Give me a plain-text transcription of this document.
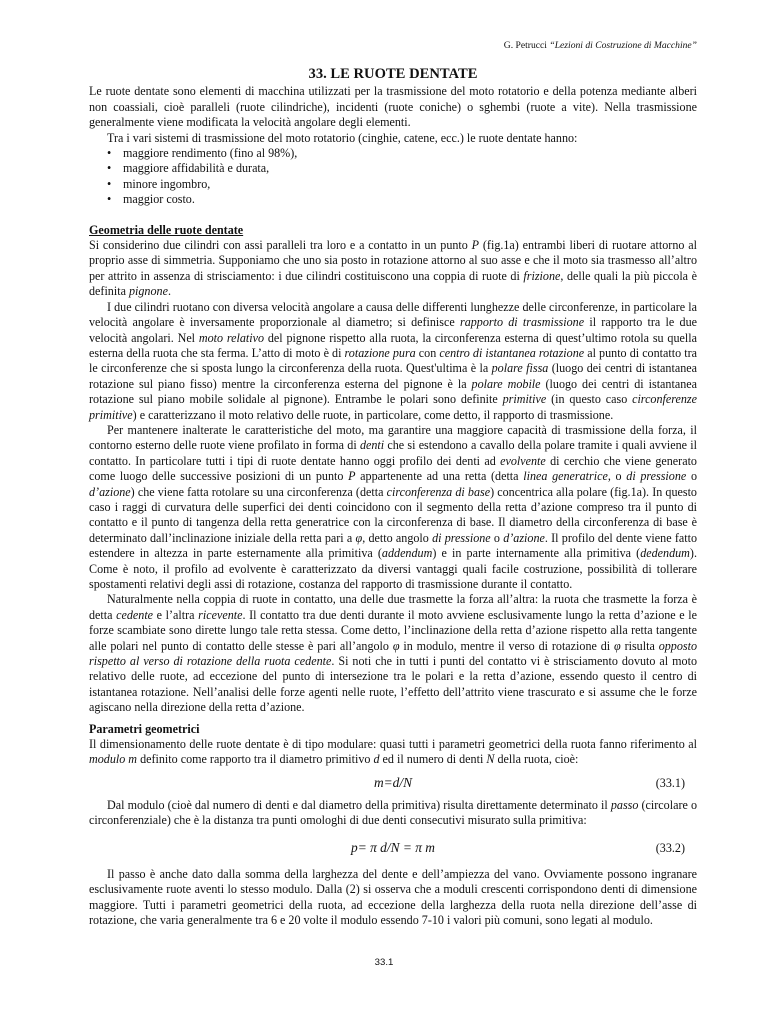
G. Petrucci “Lezioni di Costruzione di Macchine”
33. LE RUOTE DENTATE

Le ruote dentate sono elementi di macchina utilizzati per la trasmissione del moto rotatorio e della potenza mediante alberi non coassiali, cioè paralleli (ruote cilindriche), incidenti (ruote coniche) o sghembi (ruote a vite). Nella trasmissione generalmente viene modificata la velocità angolare degli elementi.

Tra i vari sistemi di trasmissione del moto rotatorio (cinghie, catene, ecc.) le ruote dentate hanno:

• maggiore rendimento (fino al 98%),
• maggiore affidabilità e durata,
• minore ingombro,
• maggior costo.
Geometria delle ruote dentate

Si considerino due cilindri con assi paralleli tra loro e a contatto in un punto P (fig.1a) entrambi liberi di ruotare attorno al proprio asse di simmetria. Supponiamo che uno sia posto in rotazione attorno al suo asse e che il moto sia trasmesso all’altro per attrito in assenza di strisciamento: i due cilindri costituiscono una coppia di ruote di frizione, delle quali la più piccola è definita pignone.

I due cilindri ruotano con diversa velocità angolare a causa delle differenti lunghezze delle circonferenze, in particolare la velocità angolare è inversamente proporzionale al diametro; si definisce rapporto di trasmissione il rapporto tra le due velocità angolari. Nel moto relativo del pignone rispetto alla ruota, la circonferenza esterna di quest’ultimo rotola su quella esterna della ruota che sta ferma. L’atto di moto è di rotazione pura con centro di istantanea rotazione al punto di contatto tra le circonferenze che si sposta lungo la circonferenza della ruota. Quest'ultima è la polare fissa (luogo dei centri di istantanea rotazione sul piano fisso) mentre la circonferenza esterna del pignone è la polare mobile (luogo dei centri di istantanea rotazione sul piano mobile solidale al pignone). Entrambe le polari sono definite primitive (in questo caso circonferenze primitive) e caratterizzano il moto relativo delle ruote, in particolare, come detto, il rapporto di trasmissione.

Per mantenere inalterate le caratteristiche del moto, ma garantire una maggiore capacità di trasmissione della forza, il contorno esterno delle ruote viene profilato in forma di denti che si estendono a cavallo della polare tramite i quali avviene il contatto. In particolare tutti i tipi di ruote dentate hanno oggi profilo dei denti ad evolvente di cerchio che viene generato come luogo delle successive posizioni di un punto P appartenente ad una retta (detta linea generatrice, o di pressione o d’azione) che viene fatta rotolare su una circonferenza (detta circonferenza di base) concentrica alla polare (fig.1a). In questo caso i raggi di curvatura delle superfici dei denti coincidono con il segmento della retta d’azione compreso tra il punto di contatto e il punto di tangenza della retta generatrice con la circonferenza di base. Il diametro della circonferenza di base è determinato dall’inclinazione iniziale della retta pari a φ, detto angolo di pressione o d’azione. Il profilo del dente viene fatto estendere in altezza in parte esternamente alla primitiva (addendum) e in parte internamente alla primitiva (dedendum). Come è noto, il profilo ad evolvente è caratterizzato da diversi vantaggi quali facile costruzione, possibilità di tollerare spostamenti relativi degli assi di rotazione, costanza del rapporto di trasmissione durante il contatto.

Naturalmente nella coppia di ruote in contatto, una delle due trasmette la forza all’altra: la ruota che trasmette la forza è detta cedente e l’altra ricevente. Il contatto tra due denti durante il moto avviene esclusivamente lungo la retta d’azione e le forze scambiate sono dirette lungo tale retta stessa. Come detto, l’inclinazione della retta d’azione rispetto alla retta tangente alle polari nel punto di contatto delle stesse è pari all’angolo φ in modulo, mentre il verso di rotazione di φ risulta opposto rispetto al verso di rotazione della ruota cedente. Si noti che in tutti i punti del contatto vi è strisciamento dovuto al moto relativo delle ruote, ad eccezione del punto di intersezione tra le polari e la retta d’azione, essendo questo il centro di istantanea rotazione. Nell’analisi delle forze agenti nelle ruote, l’effetto dell’attrito viene trascurato e si assume che le forze agiscano nella direzione della retta d’azione.

Parametri geometrici

Il dimensionamento delle ruote dentate è di tipo modulare: quasi tutti i parametri geometrici della ruota fanno riferimento al modulo m definito come rapporto tra il diametro primitivo d ed il numero di denti N della ruota, cioè:

m=d/N	(33.1)

Dal modulo (cioè dal numero di denti e dal diametro della primitiva) risulta direttamente determinato il passo (circolare o circonferenziale) che è la distanza tra punti omologhi di due denti consecutivi misurato sulla primitiva:

p= π d/N = π m	(33.2)

Il passo è anche dato dalla somma della larghezza del dente e dell’ampiezza del vano. Ovviamente possono ingranare esclusivamente ruote aventi lo stesso modulo. Dalla (2) si osserva che a moduli crescenti corrispondono denti di dimensione maggiore. Tutti i parametri geometrici della ruota, ad eccezione della larghezza della ruota nella direzione dell’asse di rotazione, che varia generalmente tra 6 e 20 volte il modulo essendo 7-10 i valori più comuni, sono legati al modulo.

33.1
